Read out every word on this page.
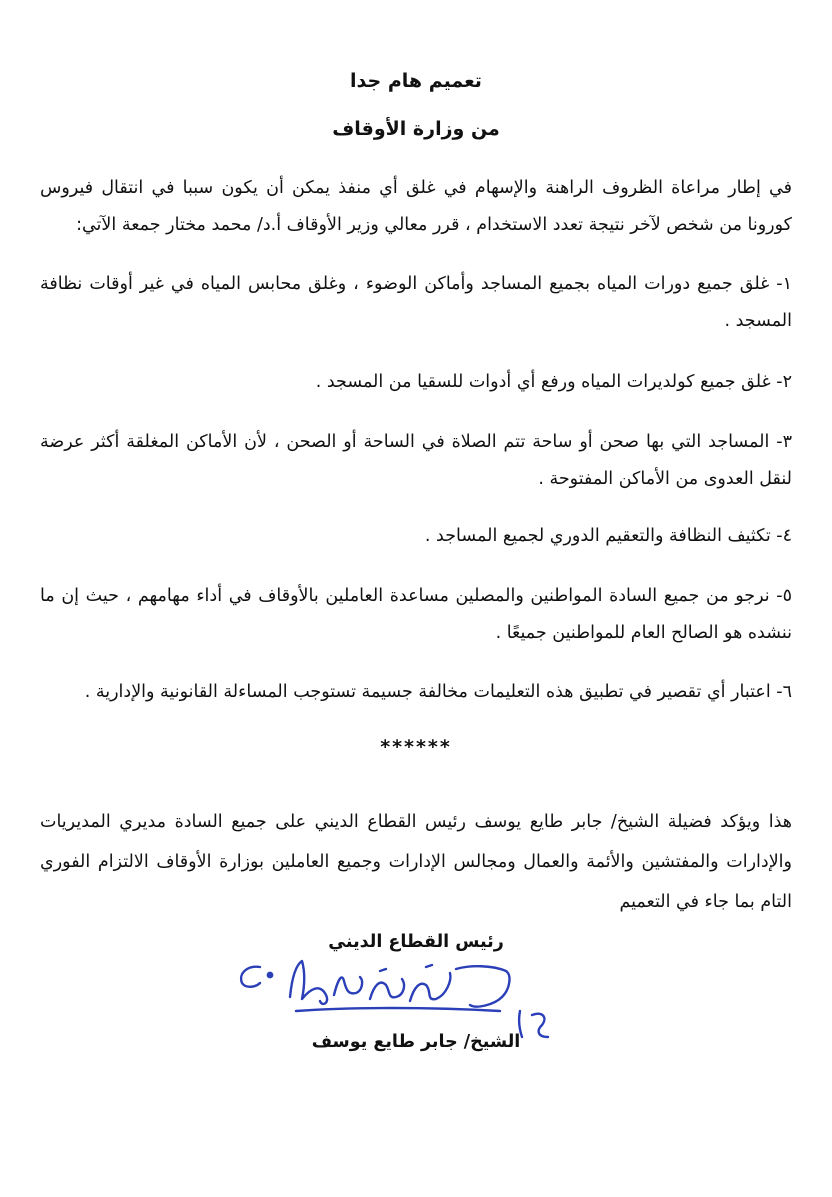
تعميم هام جدا

من وزارة الأوقاف

في إطار مراعاة الظروف الراهنة والإسهام في غلق أي منفذ يمكن أن يكون سببا في انتقال فيروس كورونا من شخص لآخر نتيجة تعدد الاستخدام ، قرر معالي وزير الأوقاف أ.د/ محمد مختار جمعة الآتي:

١- غلق جميع دورات المياه بجميع المساجد وأماكن الوضوء ، وغلق محابس المياه في غير أوقات نظافة المسجد .

٢- غلق جميع كولديرات المياه ورفع أي أدوات للسقيا من المسجد .

٣- المساجد التي بها صحن أو ساحة تتم الصلاة في الساحة أو الصحن ، لأن الأماكن المغلقة أكثر عرضة لنقل العدوى من الأماكن المفتوحة .

٤- تكثيف النظافة والتعقيم الدوري لجميع المساجد .

٥- نرجو من جميع السادة المواطنين والمصلين مساعدة العاملين بالأوقاف في أداء مهامهم ، حيث إن ما ننشده هو الصالح العام للمواطنين جميعًا .

٦- اعتبار أي تقصير في تطبيق هذه التعليمات مخالفة جسيمة تستوجب المساءلة القانونية والإدارية .

******

هذا ويؤكد فضيلة الشيخ/ جابر طايع يوسف رئيس القطاع الديني على جميع السادة مديري المديريات والإدارات والمفتشين والأئمة والعمال ومجالس الإدارات وجميع العاملين بوزارة الأوقاف الالتزام الفوري التام بما جاء في التعميم

رئيس القطاع الديني
الشيخ/ جابر طايع يوسف
